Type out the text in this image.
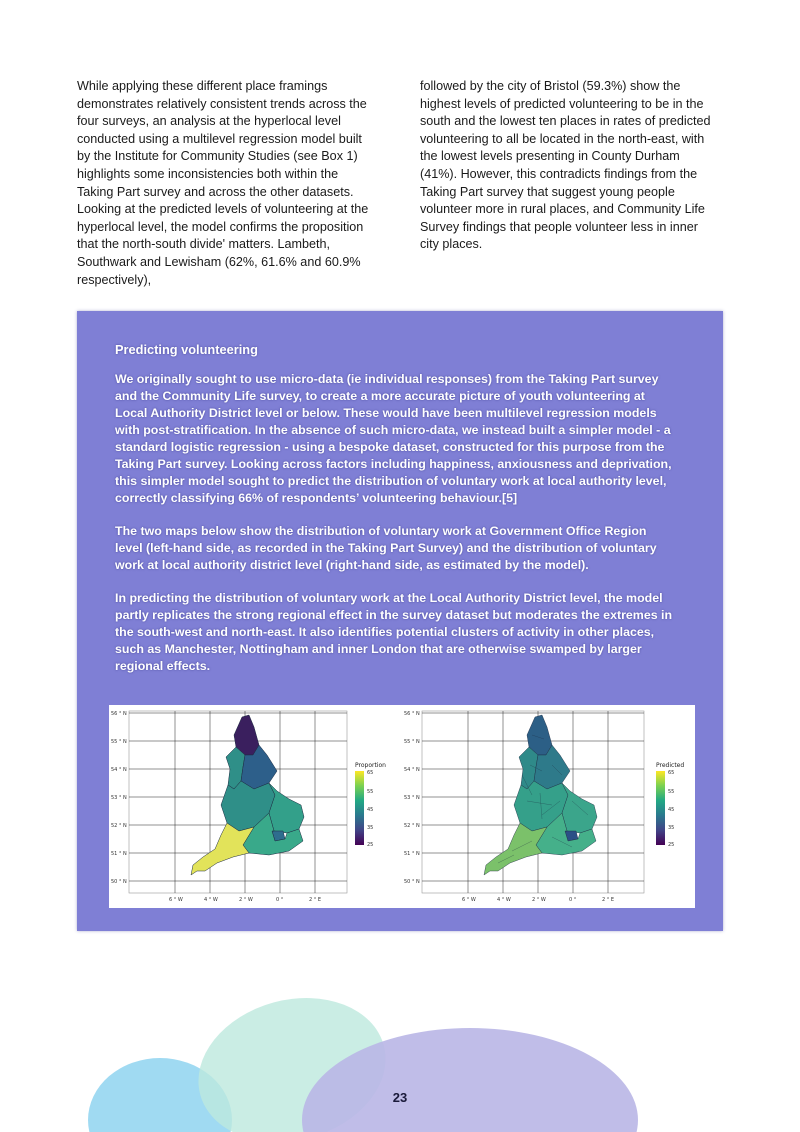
While applying these different place framings demonstrates relatively consistent trends across the four surveys, an analysis at the hyperlocal level conducted using a multilevel regression model built by the Institute for Community Studies (see Box 1) highlights some inconsistencies both within the Taking Part survey and across the other datasets. Looking at the predicted levels of volunteering at the hyperlocal level, the model confirms the proposition that the north-south divide' matters. Lambeth, Southwark and Lewisham (62%, 61.6% and 60.9% respectively),

followed by the city of Bristol (59.3%) show the highest levels of predicted volunteering to be in the south and the lowest ten places in rates of predicted volunteering to all be located in the north-east, with the lowest levels presenting in County Durham (41%). However, this contradicts findings from the Taking Part survey that suggest young people volunteer more in rural places, and Community Life Survey findings that people volunteer less in inner city places.

Predicting volunteering

We originally sought to use micro-data (ie individual responses) from the Taking Part survey and the Community Life survey, to create a more accurate picture of youth volunteering at Local Authority District level or below. These would have been multilevel regression models with post-stratification. In the absence of such micro-data, we instead built a simpler model - a standard logistic regression - using a bespoke dataset, constructed for this purpose from the Taking Part survey. Looking across factors including happiness, anxiousness and deprivation, this simpler model sought to predict the distribution of voluntary work at local authority level, correctly classifying 66% of respondents’ volunteering behaviour.[5]

The two maps below show the distribution of voluntary work at Government Office Region level (left-hand side, as recorded in the Taking Part Survey) and the distribution of voluntary work at local authority district level (right-hand side, as estimated by the model).

In predicting the distribution of voluntary work at the Local Authority District level, the model partly replicates the strong regional effect in the survey dataset but moderates the extremes in the south-west and north-east. It also identifies potential clusters of activity in other places, such as Manchester, Nottingham and inner London that are otherwise swamped by larger regional effects.

56 ° N
55 ° N
54 ° N
53 ° N
52 ° N
51 ° N
50 ° N
6 ° W	4 ° W	2 ° W	0 °	2 ° E
Proportion
65
55
45
35
25
56 ° N
55 ° N
54 ° N
53 ° N
52 ° N
51 ° N
50 ° N
6 ° W	4 ° W	2 ° W	0 °	2 ° E
Predicted
65
55
45
35
25
23
